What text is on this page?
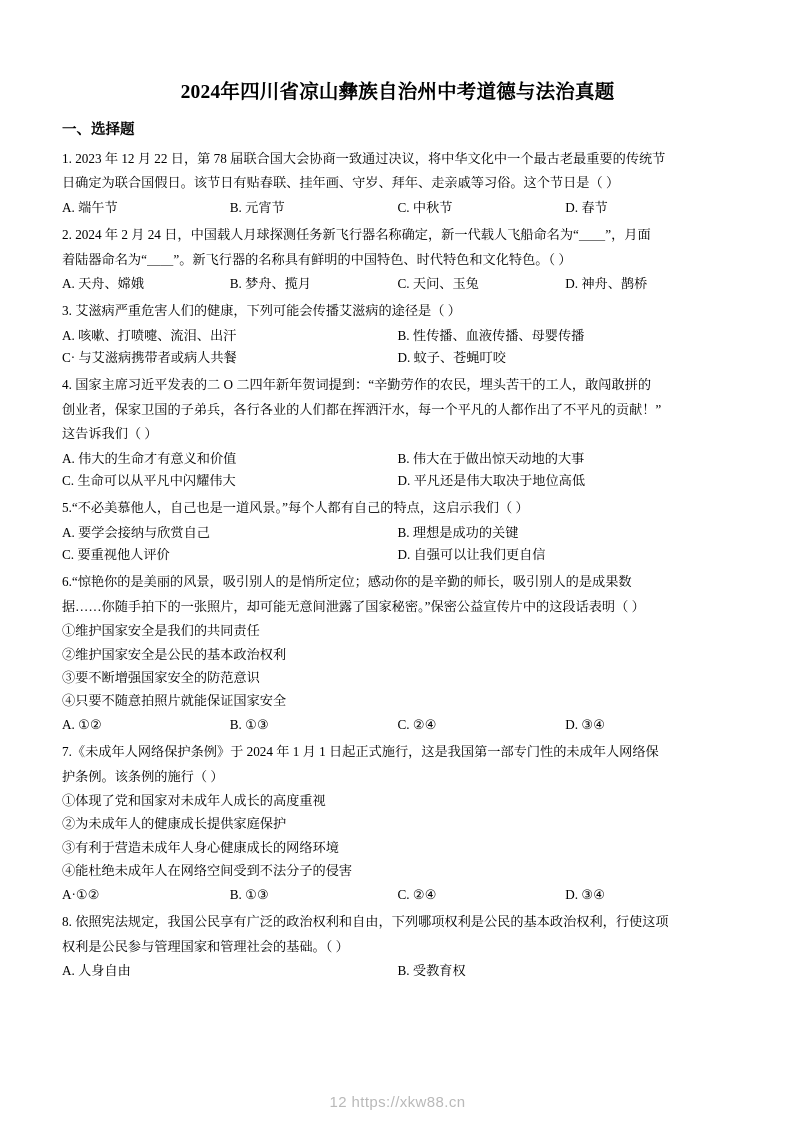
2024年四川省凉山彝族自治州中考道德与法治真题
一、选择题
1. 2023 年 12 月 22 日，第 78 届联合国大会协商一致通过决议，将中华文化中一个最古老最重要的传统节
日确定为联合国假日。该节日有贴春联、挂年画、守岁、拜年、走亲戚等习俗。这个节日是（ ）
A. 端午节	B. 元宵节	C. 中秋节	D. 春节
2. 2024 年 2 月 24 日，中国载人月球探测任务新飞行器名称确定，新一代载人飞船命名为“＿＿”，月面
着陆器命名为“＿＿”。新飞行器的名称具有鲜明的中国特色、时代特色和文化特色。（ ）
A. 天舟、嫦娥	B. 梦舟、揽月	C. 天问、玉兔	D. 神舟、鹊桥
3. 艾滋病严重危害人们的健康，下列可能会传播艾滋病的途径是（ ）
A. 咳嗽、打喷嚏、流泪、出汗	B. 性传播、血液传播、母婴传播
C· 与艾滋病携带者或病人共餐	D. 蚊子、苍蝇叮咬
4. 国家主席习近平发表的二 O 二四年新年贺词提到：“辛勤劳作的农民，埋头苦干的工人，敢闯敢拼的
创业者，保家卫国的子弟兵，各行各业的人们都在挥洒汗水，每一个平凡的人都作出了不平凡的贡献！”
这告诉我们（ ）
A. 伟大的生命才有意义和价值	B. 伟大在于做出惊天动地的大事
C. 生命可以从平凡中闪耀伟大	D. 平凡还是伟大取决于地位高低
5.“不必美慕他人，自己也是一道风景。”每个人都有自己的特点，这启示我们（ ）
A. 要学会接纳与欣赏自己	B. 理想是成功的关键
C. 要重视他人评价	D. 自强可以让我们更自信
6.“惊艳你的是美丽的风景，吸引别人的是悄所定位；感动你的是辛勤的师长，吸引别人的是成果数
据……你随手拍下的一张照片，却可能无意间泄露了国家秘密。”保密公益宣传片中的这段话表明（ ）
①维护国家安全是我们的共同责任
②维护国家安全是公民的基本政治权利
③要不断增强国家安全的防范意识
④只要不随意拍照片就能保证国家安全
A. ①②	B. ①③	C. ②④	D. ③④
7.《未成年人网络保护条例》于 2024 年 1 月 1 日起正式施行，这是我国第一部专门性的未成年人网络保
护条例。该条例的施行（ ）
①体现了党和国家对未成年人成长的高度重视
②为未成年人的健康成长提供家庭保护
③有利于营造未成年人身心健康成长的网络环境
④能杜绝未成年人在网络空间受到不法分子的侵害
A·①②	B. ①③	C. ②④	D. ③④
8. 依照宪法规定，我国公民享有广泛的政治权利和自由，下列哪项权利是公民的基本政治权利，行使这项
权利是公民参与管理国家和管理社会的基础。（ ）
A. 人身自由	B. 受教育权
12 https://xkw88.cn
